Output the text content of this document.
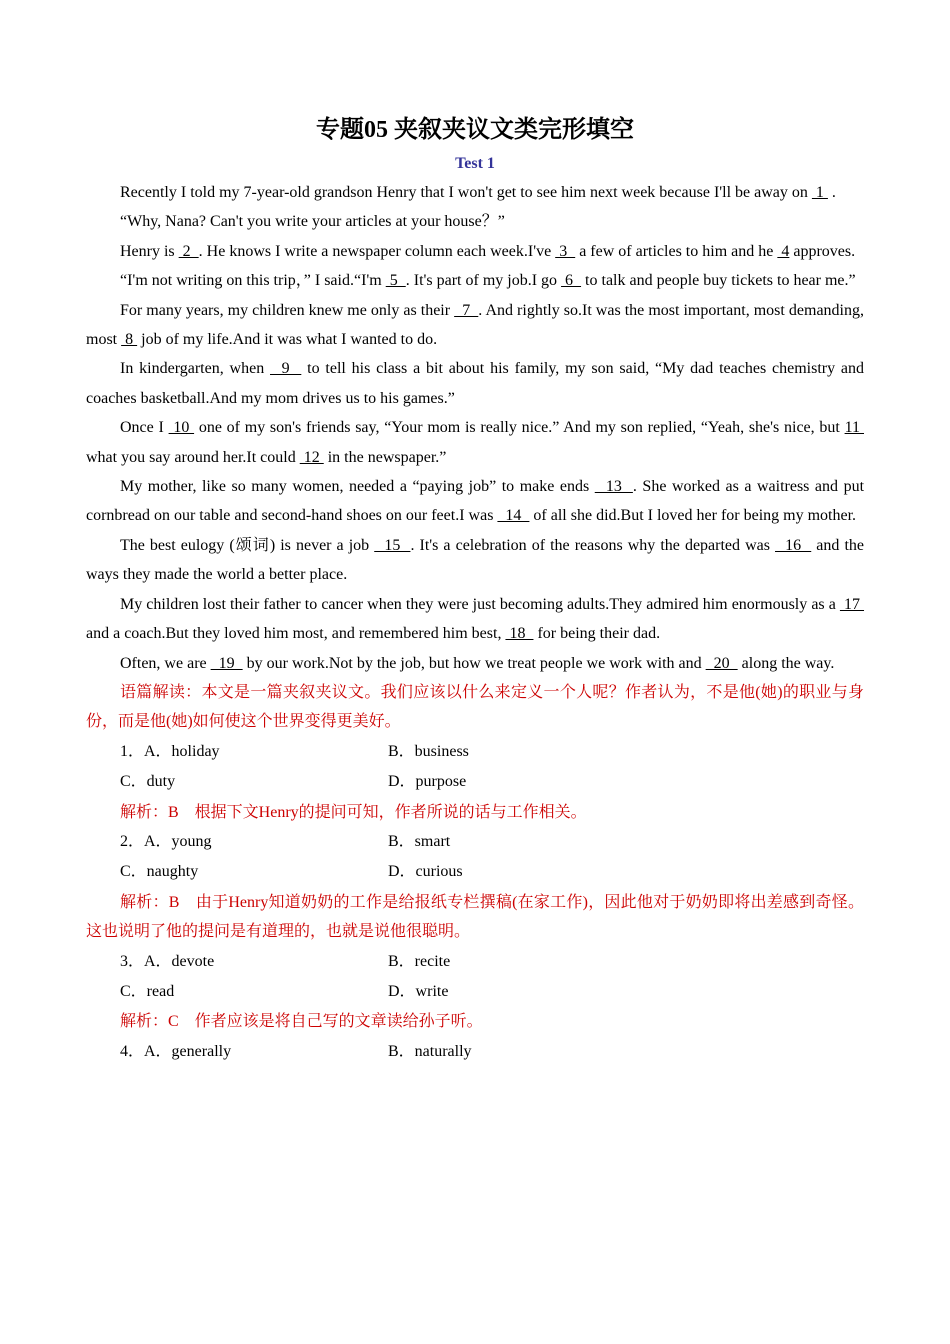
专题05 夹叙夹议文类完形填空
Test 1

Recently I told my 7-year-old grandson Henry that I won't get to see him next week because I'll be away on  1  .

“Why, Nana? Can't you write your articles at your house？”

Henry is  2  . He knows I write a newspaper column each week.I've  3   a few of articles to him and he  4 approves.

“I'm not writing on this trip，” I said.“I'm  5  . It's part of my job.I go  6   to talk and people buy tickets to hear me.”

For many years, my children knew me only as their   7  . And rightly so.It was the most important, most demanding, most  8  job of my life.And it was what I wanted to do.

In kindergarten, when   9   to tell his class a bit about his family, my son said, “My dad teaches chemistry and coaches basketball.And my mom drives us to his games.”

Once I  10  one of my son's friends say, “Your mom is really nice.” And my son replied, “Yeah, she's nice, but 11  what you say around her.It could  12  in the newspaper.”

My mother, like so many women, needed a “paying job” to make ends   13  . She worked as a waitress and put cornbread on our table and second-hand shoes on our feet.I was   14   of all she did.But I loved her for being my mother.

The best eulogy (颂词) is never a job   15  . It's a celebration of the reasons why the departed was   16   and the ways they made the world a better place.

My children lost their father to cancer when they were just becoming adults.They admired him enormously as a  17  and a coach.But they loved him most, and remembered him best,  18   for being their dad.

Often, we are   19   by our work.Not by the job, but how we treat people we work with and   20   along the way.

语篇解读：本文是一篇夹叙夹议文。我们应该以什么来定义一个人呢？作者认为，不是他(她)的职业与身份，而是他(她)如何使这个世界变得更美好。

1．A．holiday	B．business
C．duty	D．purpose

解析：B　根据下文Henry的提问可知，作者所说的话与工作相关。

2．A．young	B．smart
C．naughty	D．curious

解析：B　由于Henry知道奶奶的工作是给报纸专栏撰稿(在家工作)，因此他对于奶奶即将出差感到奇怪。这也说明了他的提问是有道理的，也就是说他很聪明。

3．A．devote	B．recite
C．read	D．write

解析：C　作者应该是将自己写的文章读给孙子听。

4．A．generally	B．naturally
